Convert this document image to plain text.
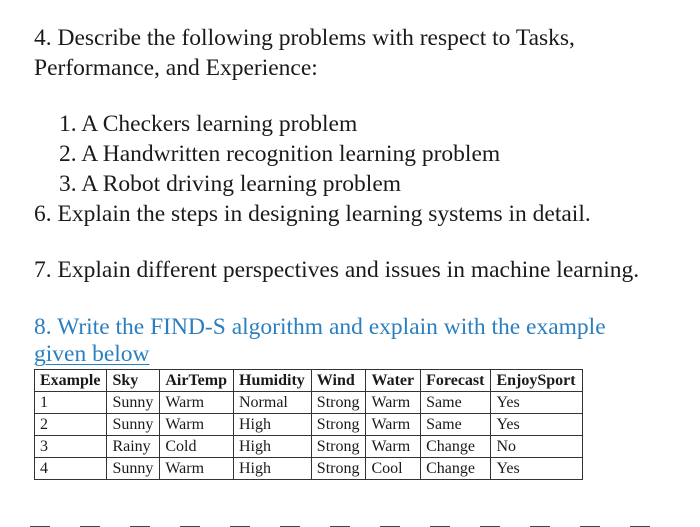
4. Describe the following problems with respect to Tasks,
Performance, and Experience:
1. A Checkers learning problem
2. A Handwritten recognition learning problem
3. A Robot driving learning problem
6. Explain the steps in designing learning systems in detail.
7. Explain different perspectives and issues in machine learning.
8. Write the FIND-S algorithm and explain with the example
given below
Example	Sky	AirTemp	Humidity	Wind	Water	Forecast	EnjoySport
1	Sunny	Warm	Normal	Strong	Warm	Same	Yes
2	Sunny	Warm	High	Strong	Warm	Same	Yes
3	Rainy	Cold	High	Strong	Warm	Change	No
4	Sunny	Warm	High	Strong	Cool	Change	Yes
